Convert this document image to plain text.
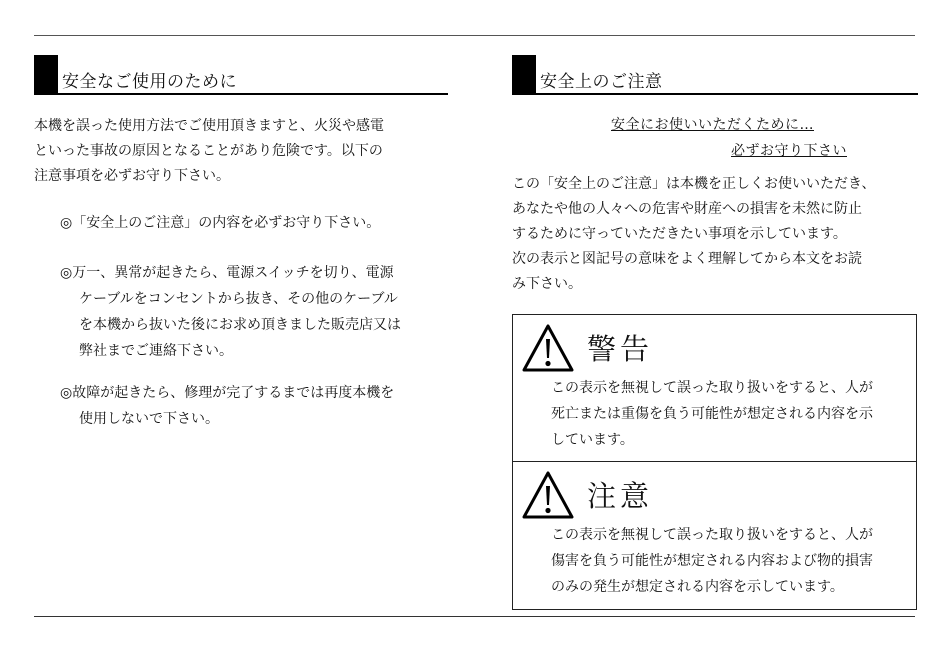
安全なご使用のために
本機を誤った使用方法でご使用頂きますと、火災や感電
といった事故の原因となることがあり危険です。以下の
注意事項を必ずお守り下さい。
◎「安全上のご注意」の内容を必ずお守り下さい。
◎万一、異常が起きたら、電源スイッチを切り、電源
ケーブルをコンセントから抜き、その他のケーブル
を本機から抜いた後にお求め頂きました販売店又は
弊社までご連絡下さい。
◎故障が起きたら、修理が完了するまでは再度本機を
使用しないで下さい。
安全上のご注意
安全にお使いいただくために…
必ずお守り下さい
この「安全上のご注意」は本機を正しくお使いいただき、
あなたや他の人々への危害や財産への損害を未然に防止
するために守っていただきたい事項を示しています。
次の表示と図記号の意味をよく理解してから本文をお読
み下さい。
警告
この表示を無視して誤った取り扱いをすると、人が
死亡または重傷を負う可能性が想定される内容を示
しています。
注意
この表示を無視して誤った取り扱いをすると、人が
傷害を負う可能性が想定される内容および物的損害
のみの発生が想定される内容を示しています。
